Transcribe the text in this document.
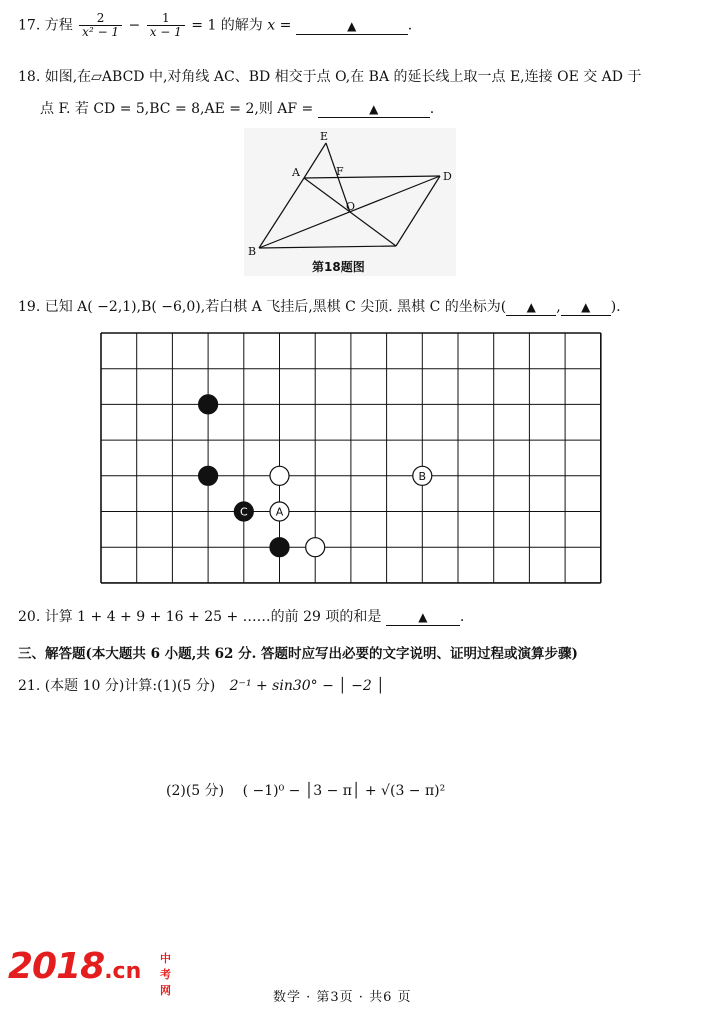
17. 方程 $\frac{2}{\text{x² − 1}} - \frac{1}{x - 1} = 1$ 的解为 x =	▲	.
18. 如图,在▱ABCD 中,对角线 AC、BD 相交于点 O,在 BA 的延长线上取一点 E,连接 OE 交 AD 于
点 F. 若 CD = 5,BC = 8,AE = 2,则 AF =	▲	.
E
A	F	D
O
B
第18题图
19. 已知 A( −2,1),B( −6,0),若白棋 A 飞挂后,黑棋 C 尖顶. 黑棋 C 的坐标为( ▲ , ▲ ).
B
C	A
20. 计算 1 + 4 + 9 + 16 + 25 + ……的前 29 项的和是	▲ .
三、解答题(本大题共 6 小题,共 62 分. 答题时应写出必要的文字说明、证明过程或演算步骤)
21. (本题 10 分)计算:(1)(5 分) 2⁻¹ + sin30° − │ −2 │
(2)(5 分) ( −1)⁰ − │3 − π│ + √(3 − π)²
2018.cn
中考网	数学 · 第3页 · 共6 页
